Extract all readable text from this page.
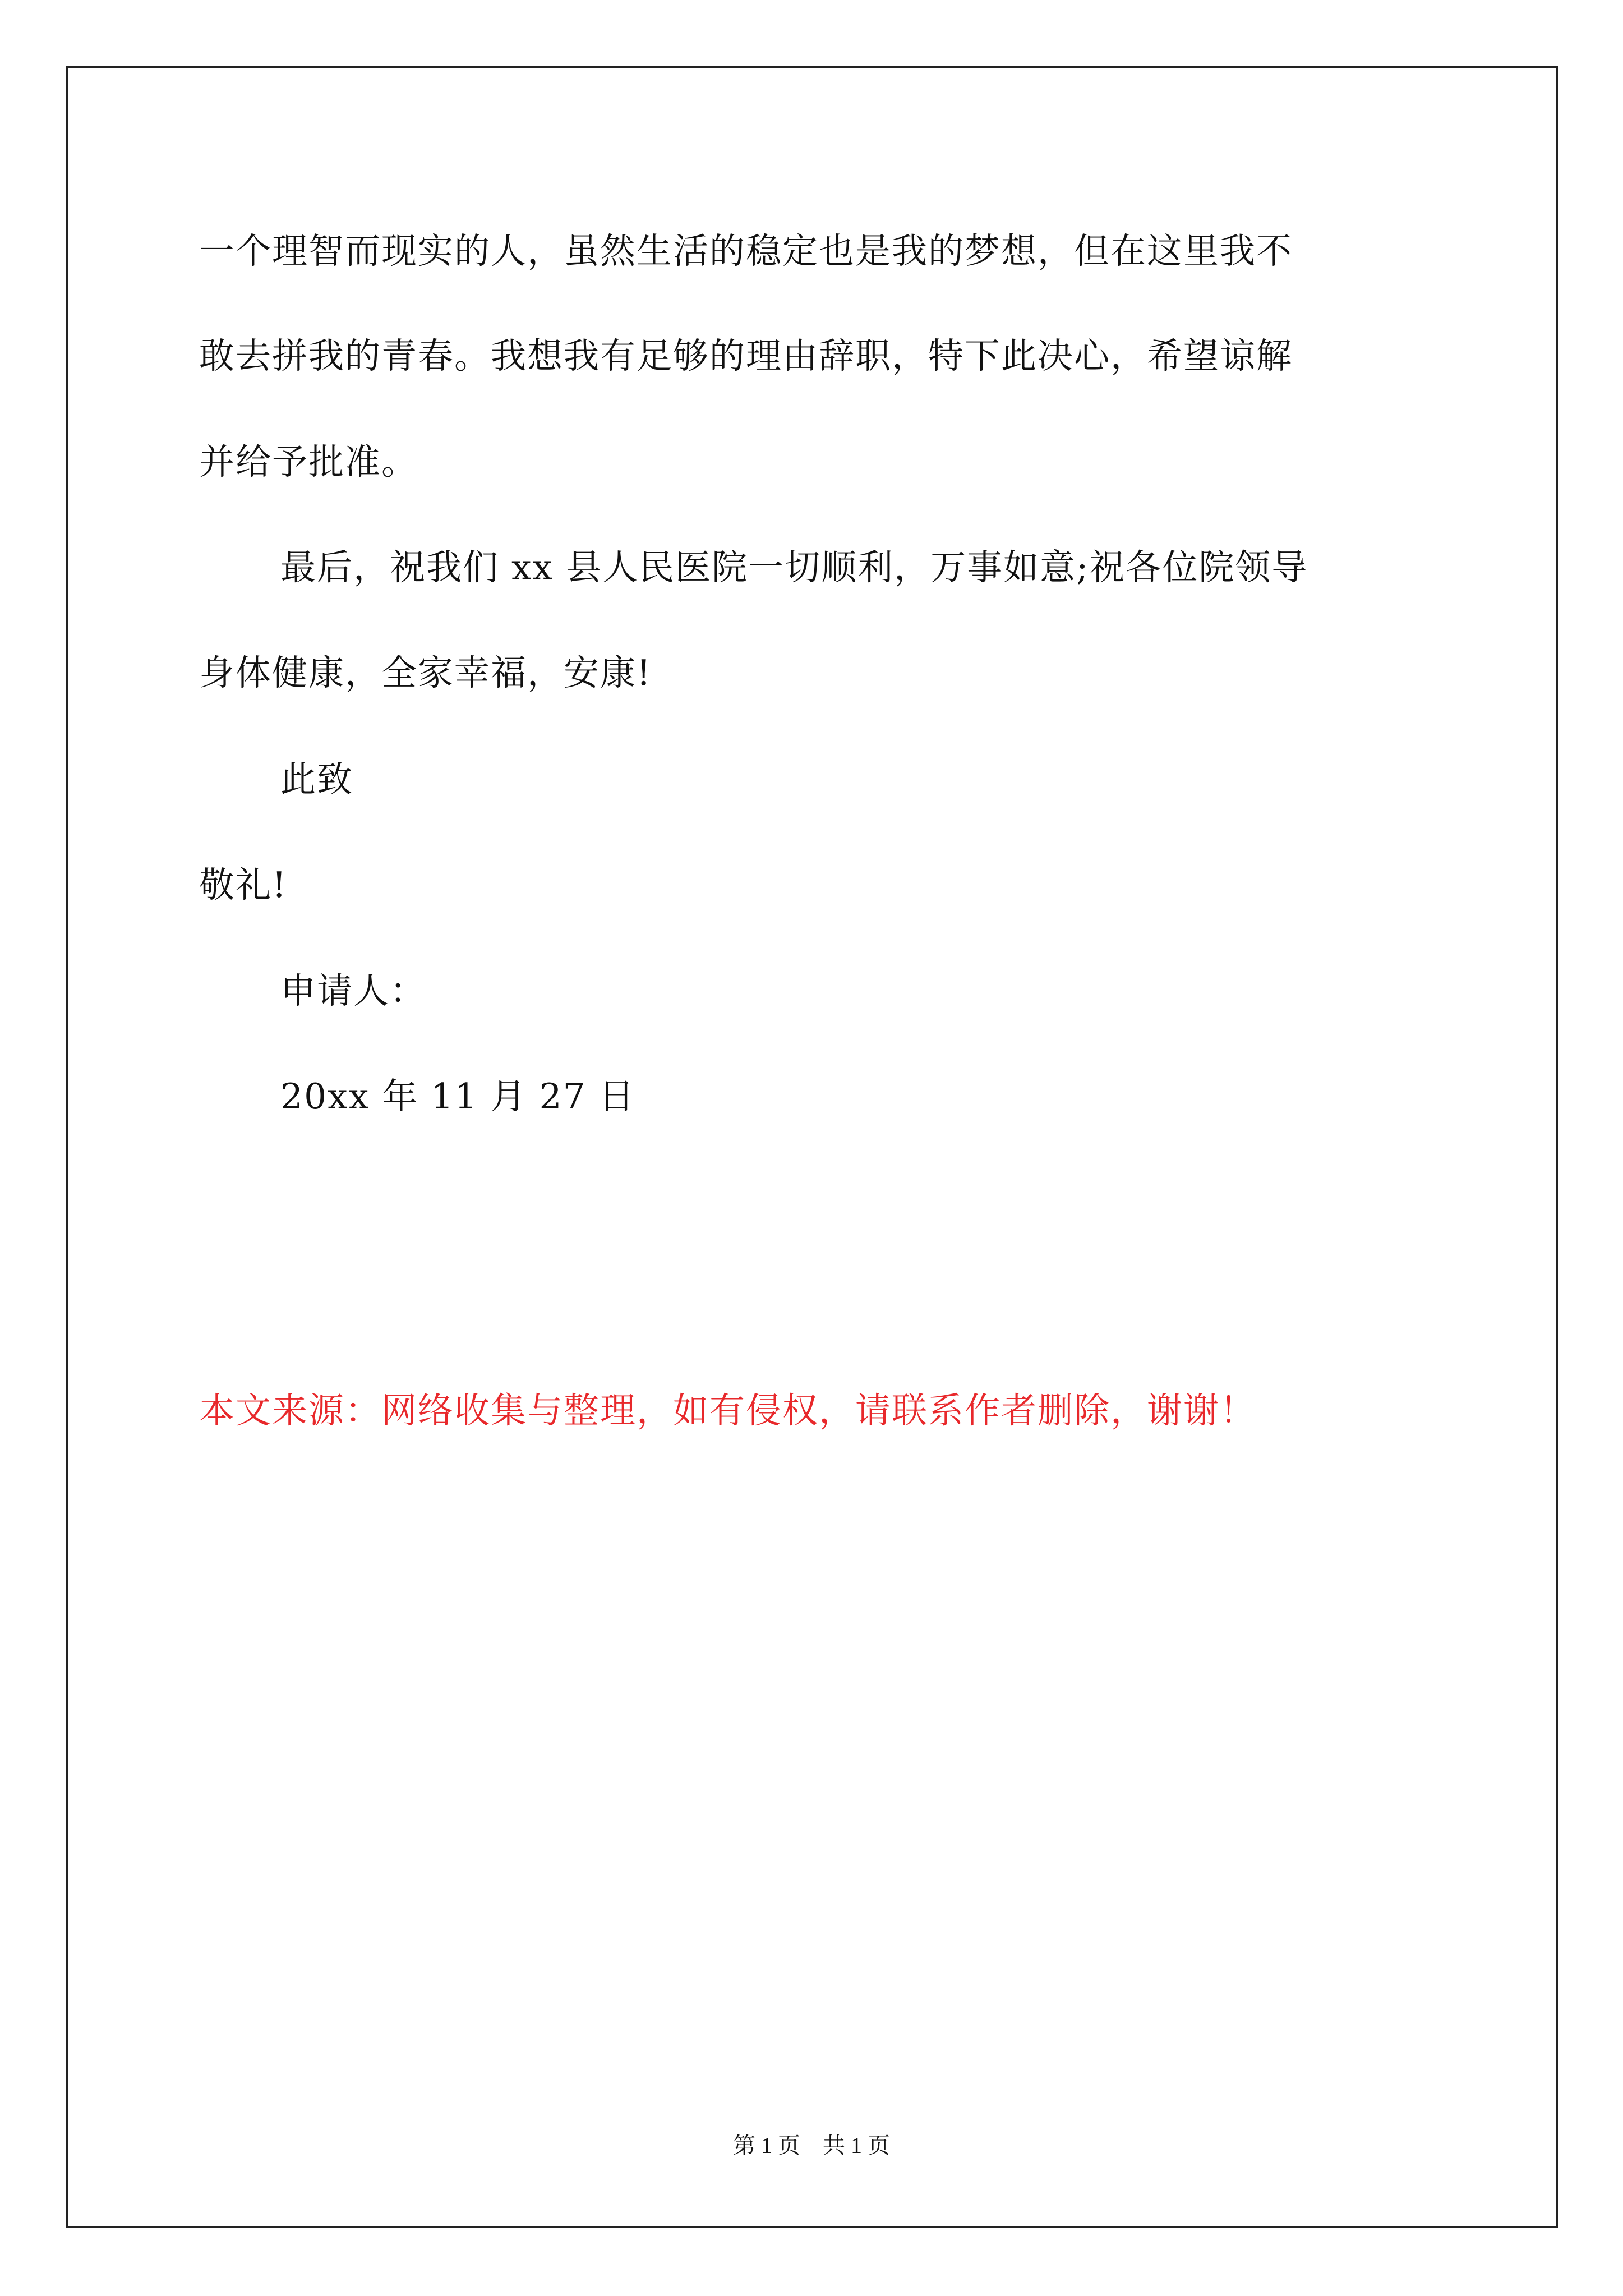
一个理智而现实的人，虽然生活的稳定也是我的梦想，但在这里我不
敢去拼我的青春。我想我有足够的理由辞职，特下此决心，希望谅解
并给予批准。
最后，祝我们 xx 县人民医院一切顺利，万事如意;祝各位院领导
身体健康，全家幸福，安康!
此致
敬礼!
申请人：
20xx 年 11 月 27 日
本文来源：网络收集与整理，如有侵权，请联系作者删除，谢谢！
第 1 页　共 1 页
